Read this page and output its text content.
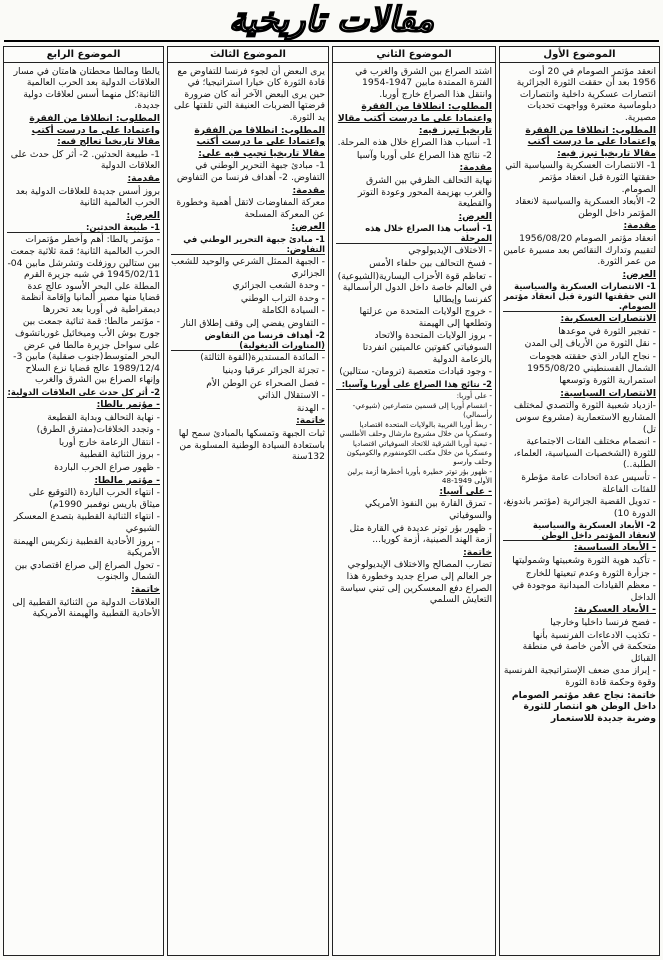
مقالات تاريخية
الموضوع الأول
انعقد مؤتمر الصومام في 20 أوت 1956 بعد أن حققت الثورة الجزائرية انتصارات عسكرية داخلية وانتصارات دبلوماسية معتبرة وواجهت تحديات مصيرية.
المطلوب: انطلاقا من الفقرة واعتمادا على ما درست أكتب مقالا تاريخيا تبرز فيه:
1- الانتصارات العسكرية والسياسية التي حققتها الثورة قبل انعقاد مؤتمر الصومام.
2- الأبعاد العسكرية والسياسية لانعقاد المؤتمر داخل الوطن
مقدمة:
انعقاد مؤتمر الصومام 1956/08/20 لتقييم وتدارك النقائص بعد مسيرة عامين من عمر الثورة.
العرض:
1- الانتصارات العسكرية والسياسية التي حققتها الثورة قبل انعقاد مؤتمر الصومام.
الانتصارات العسكرية:
- تفجير الثورة في موعدها
- نقل الثورة من الأرياف إلى المدن
- نجاح البادر الذي حققته هجومات الشمال القسنطيني 1955/08/20
استمرارية الثورة وتوسعها
الانتصارات السياسية:
-ازدياد شعبية الثورة والتصدي لمختلف المشاريع الاستعمارية (مشروع سوس تل)
- انضمام مختلف الفئات الاجتماعية للثورة (الشخصيات السياسية، العلماء، الطلبة..)
- تأسيس عدة اتحادات عامة مؤطرة للفئات الفاعلة
- تدويل القضية الجزائرية (مؤتمر باندونغ، الدورة 10)
2- الأبعاد العسكرية والسياسية لانعقاد المؤتمر داخل الوطن
- الأبعاد السياسية:
- تأكيد هوية الثورة وشعبيتها وشموليتها
- جزأرة الثورة وعدم تبعيتها للخارج
- معظم القيادات الميدانية موجودة في الداخل
- الأبعاد العسكرية:
- فضح فرنسا داخليا وخارجيا
- تكذيب الادعاءات الفرنسية بأنها متحكمة في الأمن خاصة في منطقة القبائل
- إبراز مدى ضعف الإستراتيجية الفرنسية وقوة وحكمة قادة الثورة
خاتمة: نجاح عقد مؤتمر الصومام داخل الوطن هو انتصار للثورة وضربة جديدة للاستعمار
الموضوع الثاني
اشتد الصراع بين الشرق والغرب في الفترة الممتدة مابين 1947-1954 وانتقل هذا الصراع خارج أوربا.
المطلوب: انطلاقا من الفقرة واعتمادا على ما درست أكتب مقالا تاريخيا تبرز فيه:
1- أسباب هذا الصراع خلال هذه المرحلة.
2- نتائج هذا الصراع على أوربا وآسيا
مقدمة:
نهاية التحالف الظرفي بين الشرق والغرب بهزيمة المحور وعودة التوتر والقطيعة
العرض:
1- أسباب هذا الصراع خلال هذه المرحلة
- الاختلاف الإيديولوجي
- فسخ التحالف بين حلفاء الأمس
- تعاظم قوة الأحزاب اليسارية(الشيوعية) في العالم خاصة داخل الدول الرأسمالية كفرنسا وإيطاليا
- خروج الولايات المتحدة من عزلتها وتطلعها إلى الهيمنة
- بروز الولايات المتحدة والاتحاد السوفياتي كقوتين عالميتين انفردتا بالزعامة الدولية
- وجود قيادات متعصبة (ترومان- ستالين)
2- نتائج هذا الصراع على أوربا وآسيا:
- على أوربا:
- انقسام أوربا إلى قسمين متصارعين (شيوعي- رأسمالي)
- ربط أوربا الغربية بالولايات المتحدة اقتصاديا وعسكريا من خلال مشروع مارشال وحلف الأطلسي
- تبعية أوربا الشرقية للاتحاد السوفياتي اقتصاديا وعسكريا من خلال مكتب الكومنفورم والكوميكون وحلف وارسو
- ظهور بؤر توتر خطيرة بأوربا أخطرها أزمة برلين الأولى 1949-48
- على آسيا:
- تمزق القارة بين النفوذ الأمريكي والسوفياتي
- ظهور بؤر توتر عديدة في القارة مثل أزمة الهند الصينية، أزمة كوريا...
خاتمة:
تضارب المصالح والاختلاف الإيديولوجي جر العالم إلى صراع جديد وخطورة هذا الصراع دفع المعسكرين إلى تبني سياسة التعايش السلمي
الموضوع الثالث
يرى البعض أن لجوء فرنسا للتفاوض مع قادة الثورة كان خيارا استراتيجيا؛ في حين يرى البعض الآخر أنه كان ضرورة فرضتها الضربات العنيفة التي تلقتها على يد الثورة.
المطلوب: انطلاقا من الفقرة واعتمادا على ما درست أكتب مقالا تاريخيا تجيب فيه على:
1- مبادئ جبهة التحرير الوطني في التفاوض. 2- أهداف فرنسا من التفاوض
مقدمة:
معركة المفاوضات لاتقل أهمية وخطورة عن المعركة المسلحة
العرض:
1- مبادئ جبهة التحرير الوطني في التفاوض:
- الجبهة الممثل الشرعي والوحيد للشعب الجزائري
- وحدة الشعب الجزائري
- وحدة التراب الوطني
- السيادة الكاملة
- التفاوض يفضي إلى وقف إطلاق النار
2- أهداف فرنسا من التفاوض (المناورات الديغولية)
- المائدة المستديرة(القوة الثالثة)
- تجزئة الجزائر عرقيا ودينيا
- فصل الصحراء عن الوطن الأم
- الاستقلال الذاتي
- الهدنة
خاتمة:
ثبات الجبهة وتمسكها بالمبادئ سمح لها باستعادة السيادة الوطنية المسلوبة من 132سنة
الموضوع الرابع
يالطا ومالطا محطتان هامتان في مسار العلاقات الدولية بعد الحرب العالمية الثانية؛كل منهما أسس لعلاقات دولية جديدة.
المطلوب: انطلاقا من الفقرة واعتمادا على ما درست أكتب مقالا تاريخيا تعالج فيه:
1- طبيعة الحدثين. 2- أثر كل حدث على العلاقات الدولية
مقدمة:
بروز أسس جديدة للعلاقات الدولية بعد الحرب العالمية الثانية
العرض:
1- طبيعة الحدثين:
- مؤتمر يالطا: أهم وأخطر مؤتمرات الحرب العالمية الثانية؛ قمة ثلاثية جمعت بين ستالين روزفلت وتشرشل مابين 04-1945/02/11 في شبه جزيرة القرم المطلة على البحر الأسود عالج عدة قضايا منها مصير ألمانيا وإقامة أنظمة ديمقراطية في أوربا بعد تحررها
- مؤتمر مالطا: قمة ثنائية جمعت بين جورج بوش الأب وميخائيل غورباتشوف على سواحل جزيرة مالطا في عرض البحر المتوسط(جنوب صقلية) مابين 3-1989/12/4 عالج قضايا نزع السلاح وإنهاء الصراع بين الشرق والغرب
2- أثر كل حدث على العلاقات الدولية:
- مؤتمر يالطا:
- نهاية التحالف وبداية القطيعة
- وتجدد الخلافات(مفترق الطرق)
- انتقال الزعامة خارج أوربا
- بروز الثنائية القطبية
- ظهور صراع الحرب الباردة
- مؤتمر مالطا:
- انتهاء الحرب الباردة (التوقيع على ميثاق باريس نوفمبر 1990م)
- انتهاء الثنائية القطبية بتصدع المعسكر الشيوعي
- بروز الأحادية القطبية زنكريس الهيمنة الأمريكية
- تحول الصراع إلى صراع اقتصادي بين الشمال والجنوب
خاتمة:
العلاقات الدولية من الثنائية القطبية إلى الأحادية القطبية والهيمنة الأمريكية
